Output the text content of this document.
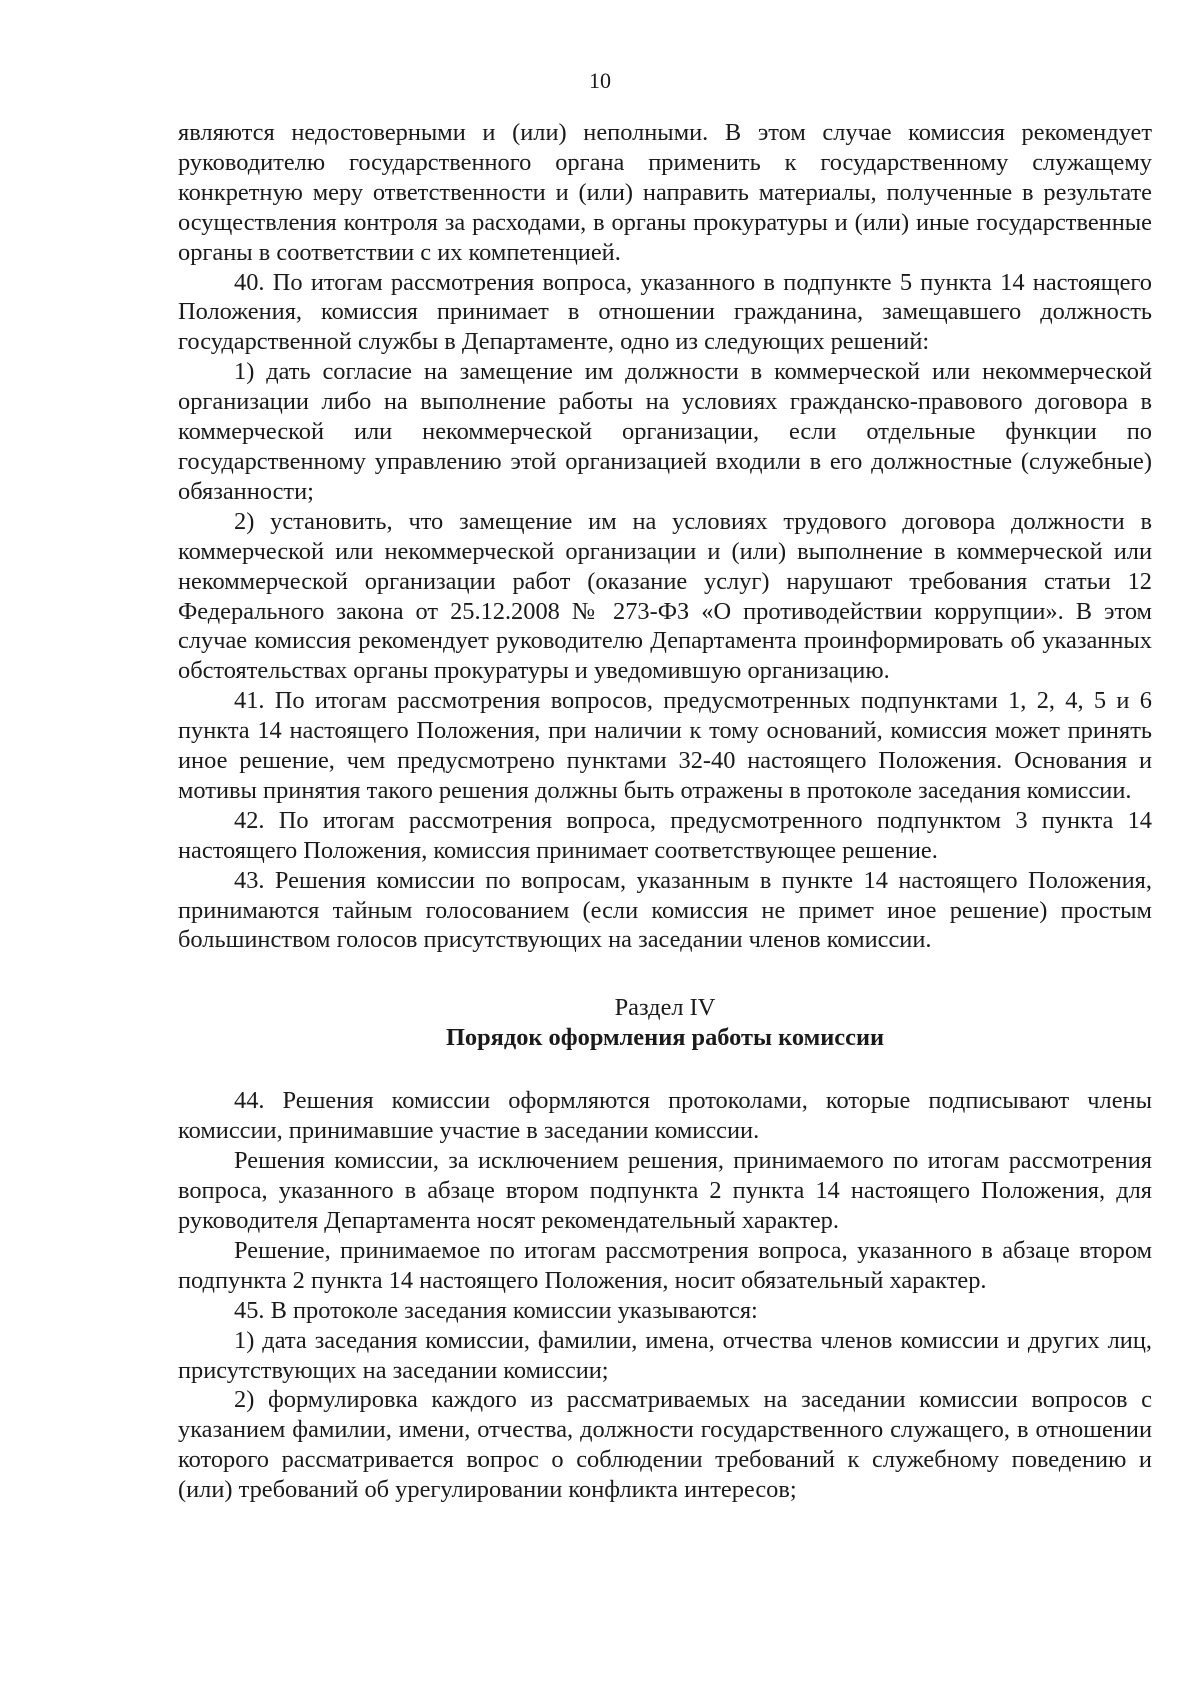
10

являются недостоверными и (или) неполными. В этом случае комиссия рекомендует руководителю государственного органа применить к государственному служащему конкретную меру ответственности и (или) направить материалы, полученные в результате осуществления контроля за расходами, в органы прокуратуры и (или) иные государственные органы в соответствии с их компетенцией.

40. По итогам рассмотрения вопроса, указанного в подпункте 5 пункта 14 настоящего Положения, комиссия принимает в отношении гражданина, замещавшего должность государственной службы в Департаменте, одно из следующих решений:

1) дать согласие на замещение им должности в коммерческой или некоммерческой организации либо на выполнение работы на условиях гражданско-правового договора в коммерческой или некоммерческой организации, если отдельные функции по государственному управлению этой организацией входили в его должностные (служебные) обязанности;

2) установить, что замещение им на условиях трудового договора должности в коммерческой или некоммерческой организации и (или) выполнение в коммерческой или некоммерческой организации работ (оказание услуг) нарушают требования статьи 12 Федерального закона от 25.12.2008 № 273-ФЗ «О противодействии коррупции». В этом случае комиссия рекомендует руководителю Департамента проинформировать об указанных обстоятельствах органы прокуратуры и уведомившую организацию.

41. По итогам рассмотрения вопросов, предусмотренных подпунктами 1, 2, 4, 5 и 6 пункта 14 настоящего Положения, при наличии к тому оснований, комиссия может принять иное решение, чем предусмотрено пунктами 32-40 настоящего Положения. Основания и мотивы принятия такого решения должны быть отражены в протоколе заседания комиссии.

42. По итогам рассмотрения вопроса, предусмотренного подпунктом 3 пункта 14 настоящего Положения, комиссия принимает соответствующее решение.

43. Решения комиссии по вопросам, указанным в пункте 14 настоящего Положения, принимаются тайным голосованием (если комиссия не примет иное решение) простым большинством голосов присутствующих на заседании членов комиссии.

Раздел IV
Порядок оформления работы комиссии

44. Решения комиссии оформляются протоколами, которые подписывают члены комиссии, принимавшие участие в заседании комиссии.

Решения комиссии, за исключением решения, принимаемого по итогам рассмотрения вопроса, указанного в абзаце втором подпункта 2 пункта 14 настоящего Положения, для руководителя Департамента носят рекомендательный характер.

Решение, принимаемое по итогам рассмотрения вопроса, указанного в абзаце втором подпункта 2 пункта 14 настоящего Положения, носит обязательный характер.

45. В протоколе заседания комиссии указываются:

1) дата заседания комиссии, фамилии, имена, отчества членов комиссии и других лиц, присутствующих на заседании комиссии;

2) формулировка каждого из рассматриваемых на заседании комиссии вопросов с указанием фамилии, имени, отчества, должности государственного служащего, в отношении которого рассматривается вопрос о соблюдении требований к служебному поведению и (или) требований об урегулировании конфликта интересов;
